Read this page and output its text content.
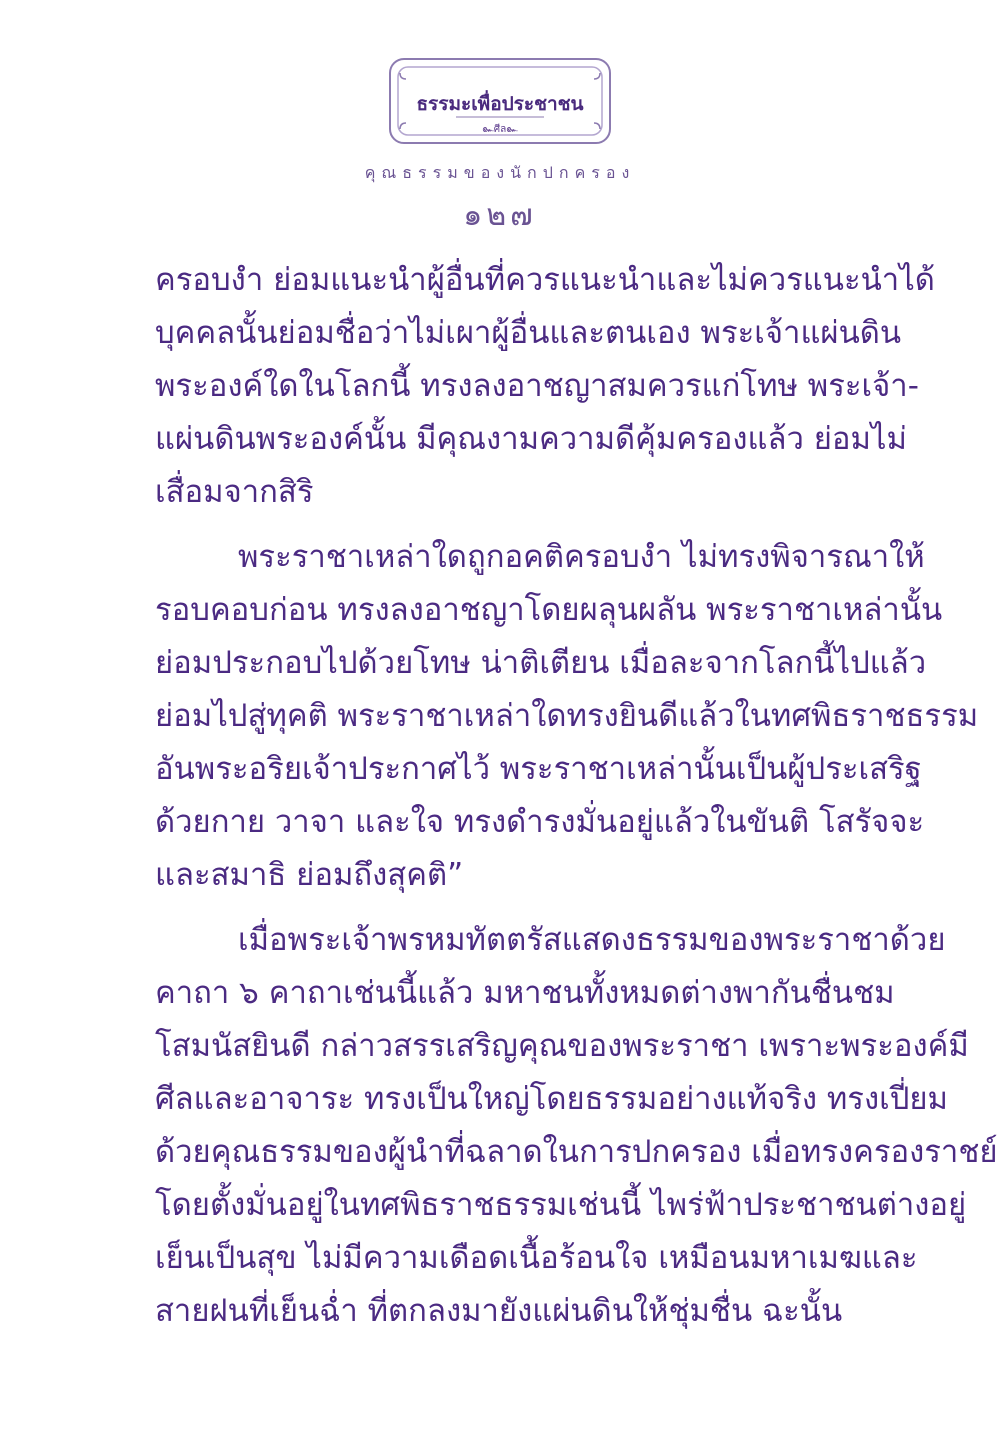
ธรรมะเพื่อประชาชน
๛ศีล๛
คุณธรรมของนักปกครอง
๑๒๗
ครอบงำ ย่อมแนะนำผู้อื่นที่ควรแนะนำและไม่ควรแนะนำได้
บุคคลนั้นย่อมชื่อว่าไม่เผาผู้อื่นและตนเอง พระเจ้าแผ่นดิน
พระองค์ใดในโลกนี้ ทรงลงอาชญาสมควรแก่โทษ พระเจ้า-
แผ่นดินพระองค์นั้น มีคุณงามความดีคุ้มครองแล้ว ย่อมไม่
เสื่อมจากสิริ
พระราชาเหล่าใดถูกอคติครอบงำ ไม่ทรงพิจารณาให้
รอบคอบก่อน ทรงลงอาชญาโดยผลุนผลัน พระราชาเหล่านั้น
ย่อมประกอบไปด้วยโทษ น่าติเตียน เมื่อละจากโลกนี้ไปแล้ว
ย่อมไปสู่ทุคติ พระราชาเหล่าใดทรงยินดีแล้วในทศพิธราชธรรม
อันพระอริยเจ้าประกาศไว้ พระราชาเหล่านั้นเป็นผู้ประเสริฐ
ด้วยกาย วาจา และใจ ทรงดำรงมั่นอยู่แล้วในขันติ โสรัจจะ
และสมาธิ ย่อมถึงสุคติ”
เมื่อพระเจ้าพรหมทัตตรัสแสดงธรรมของพระราชาด้วย
คาถา ๖ คาถาเช่นนี้แล้ว มหาชนทั้งหมดต่างพากันชื่นชม
โสมนัสยินดี กล่าวสรรเสริญคุณของพระราชา เพราะพระองค์มี
ศีลและอาจาระ ทรงเป็นใหญ่โดยธรรมอย่างแท้จริง ทรงเปี่ยม
ด้วยคุณธรรมของผู้นำที่ฉลาดในการปกครอง เมื่อทรงครองราชย์
โดยตั้งมั่นอยู่ในทศพิธราชธรรมเช่นนี้ ไพร่ฟ้าประชาชนต่างอยู่
เย็นเป็นสุข ไม่มีความเดือดเนื้อร้อนใจ เหมือนมหาเมฆและ
สายฝนที่เย็นฉ่ำ ที่ตกลงมายังแผ่นดินให้ชุ่มชื่น ฉะนั้น
